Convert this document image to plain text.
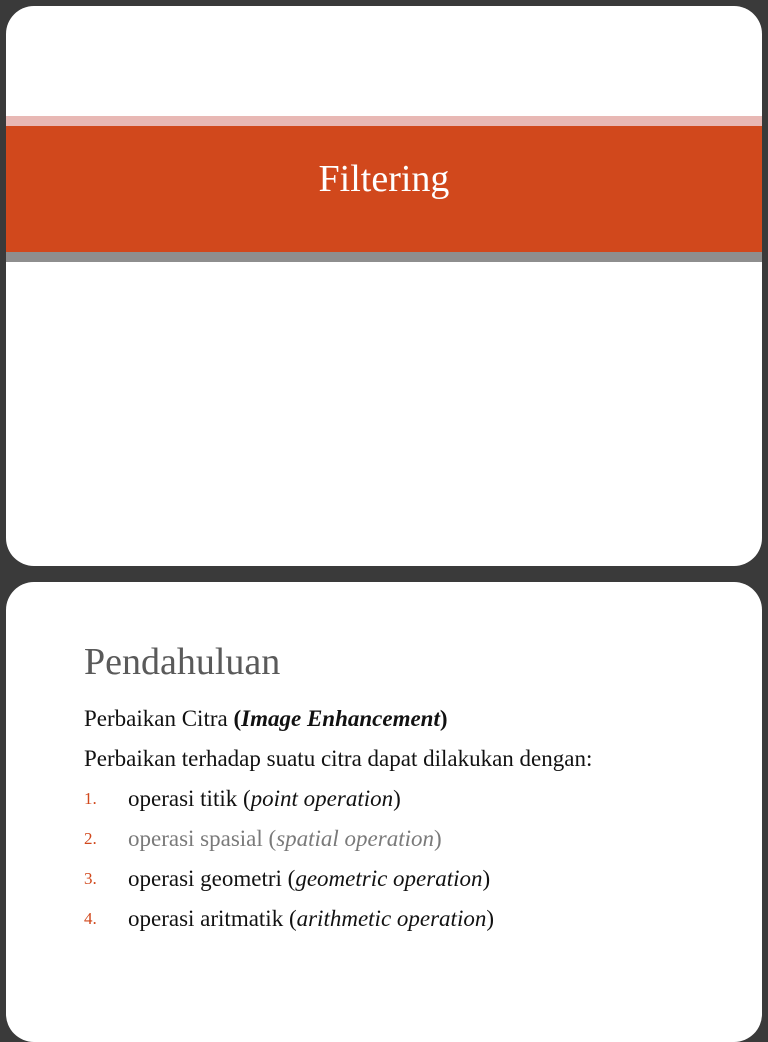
Filtering
Pendahuluan
Perbaikan Citra (Image Enhancement)
Perbaikan terhadap suatu citra dapat dilakukan dengan:
1.	operasi titik (point operation)
2.	operasi spasial (spatial operation)
3.	operasi geometri (geometric operation)
4.	operasi aritmatik (arithmetic operation)
